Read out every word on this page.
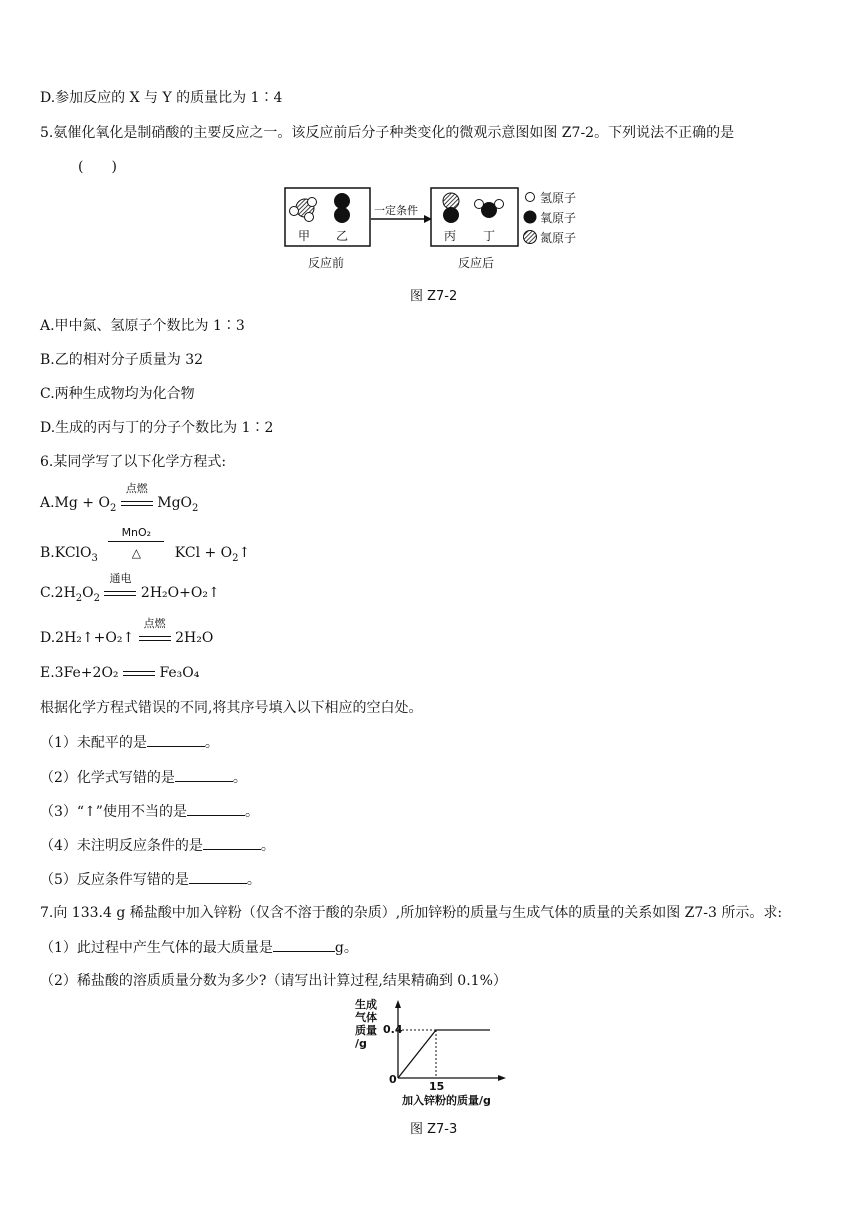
D.参加反应的 X 与 Y 的质量比为 1∶4
5.氨催化氧化是制硝酸的主要反应之一。该反应前后分子种类变化的微观示意图如图 Z7-2。下列说法不正确的是
(　　)
甲 乙
一定条件
丙 丁
氢原子
氧原子
氮原子
反应前	反应后
图 Z7-2
A.甲中氮、氢原子个数比为 1∶3
B.乙的相对分子质量为 32
C.两种生成物均为化合物
D.生成的丙与丁的分子个数比为 1∶2
6.某同学写了以下化学方程式:
$A.Mg + O_2$
点燃
MgO$_2$
B.KClO$_3$
MnO₂
△	KCl + $O_2↑$
$C.2H_2O_2$
通电
2H₂O+O₂↑
D.2H₂↑+O₂↑
点燃
2H₂O
E.3Fe+2O₂	Fe₃O₄
根据化学方程式错误的不同,将其序号填入以下相应的空白处。
（1）未配平的是	。
（2）化学式写错的是	。
（3）“↑”使用不当的是	。
（4）未注明反应条件的是	。
（5）反应条件写错的是	。
7.向 133.4 g 稀盐酸中加入锌粉（仅含不溶于酸的杂质）,所加锌粉的质量与生成气体的质量的关系如图 Z7-3 所示。求:
（1）此过程中产生气体的最大质量是	g。
（2）稀盐酸的溶质质量分数为多少?（请写出计算过程,结果精确到 0.1%）
生成
气体
质量
/g
0.4
0
15
加入锌粉的质量/g
图 Z7-3
